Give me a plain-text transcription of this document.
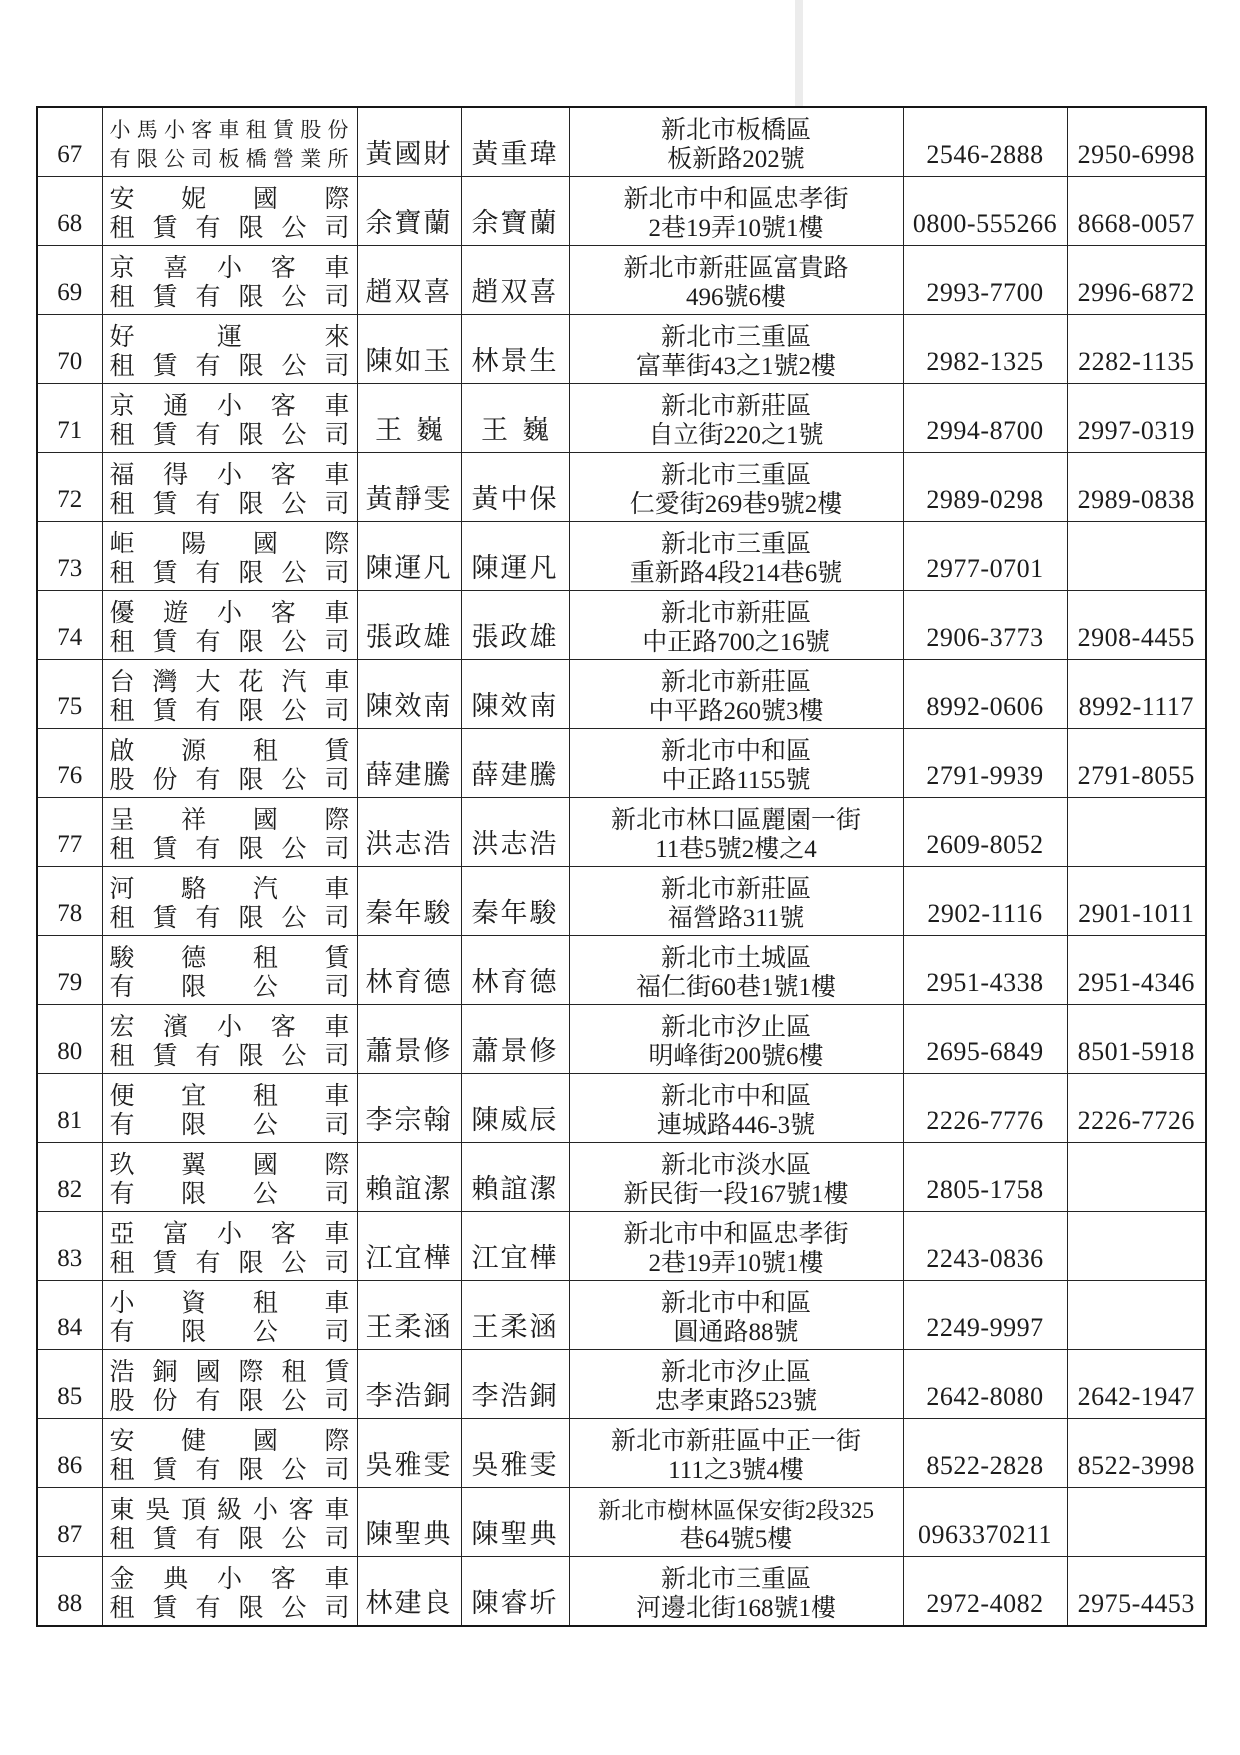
67	小馬小客車租賃股份
有限公司板橋營業所	黃國財	黃重瑋	新北市板橋區
板新路202號	2546-2888	2950-6998

68	安妮國際
租賃有限公司	余寶蘭	余寶蘭	新北市中和區忠孝街
2巷19弄10號1樓	0800-555266	8668-0057

69	京喜小客車
租賃有限公司	趙双喜	趙双喜	新北市新莊區富貴路
496號6樓	2993-7700	2996-6872

70	好運來
租賃有限公司	陳如玉	林景生	新北市三重區
富華街43之1號2樓	2982-1325	2282-1135

71	京通小客車
租賃有限公司	王巍	王巍	新北市新莊區
自立街220之1號	2994-8700	2997-0319

72	福得小客車
租賃有限公司	黃靜雯	黃中保	新北市三重區
仁愛街269巷9號2樓	2989-0298	2989-0838

73	岠陽國際
租賃有限公司	陳運凡	陳運凡	新北市三重區
重新路4段214巷6號	2977-0701	

74	優遊小客車
租賃有限公司	張政雄	張政雄	新北市新莊區
中正路700之16號	2906-3773	2908-4455

75	台灣大花汽車
租賃有限公司	陳效南	陳效南	新北市新莊區
中平路260號3樓	8992-0606	8992-1117

76	啟源租賃
股份有限公司	薛建騰	薛建騰	新北市中和區
中正路1155號	2791-9939	2791-8055

77	呈祥國際
租賃有限公司	洪志浩	洪志浩	新北市林口區麗園一街
11巷5號2樓之4	2609-8052	

78	河駱汽車
租賃有限公司	秦年駿	秦年駿	新北市新莊區
福營路311號	2902-1116	2901-1011

79	駿德租賃
有限公司	林育德	林育德	新北市土城區
福仁街60巷1號1樓	2951-4338	2951-4346

80	宏濱小客車
租賃有限公司	蕭景修	蕭景修	新北市汐止區
明峰街200號6樓	2695-6849	8501-5918

81	便宜租車
有限公司	李宗翰	陳威辰	新北市中和區
連城路446-3號	2226-7776	2226-7726

82	玖翼國際
有限公司	賴誼潔	賴誼潔	新北市淡水區
新民街一段167號1樓	2805-1758	

83	亞富小客車
租賃有限公司	江宜樺	江宜樺	新北市中和區忠孝街
2巷19弄10號1樓	2243-0836	

84	小資租車
有限公司	王柔涵	王柔涵	新北市中和區
圓通路88號	2249-9997	

85	浩銅國際租賃
股份有限公司	李浩銅	李浩銅	新北市汐止區
忠孝東路523號	2642-8080	2642-1947

86	安健國際
租賃有限公司	吳雅雯	吳雅雯	新北市新莊區中正一街
111之3號4樓	8522-2828	8522-3998

87	東吳頂級小客車
租賃有限公司	陳聖典	陳聖典	新北市樹林區保安街2段325
巷64號5樓	0963370211	

88	金典小客車
租賃有限公司	林建良	陳睿圻	新北市三重區
河邊北街168號1樓	2972-4082	2975-4453
